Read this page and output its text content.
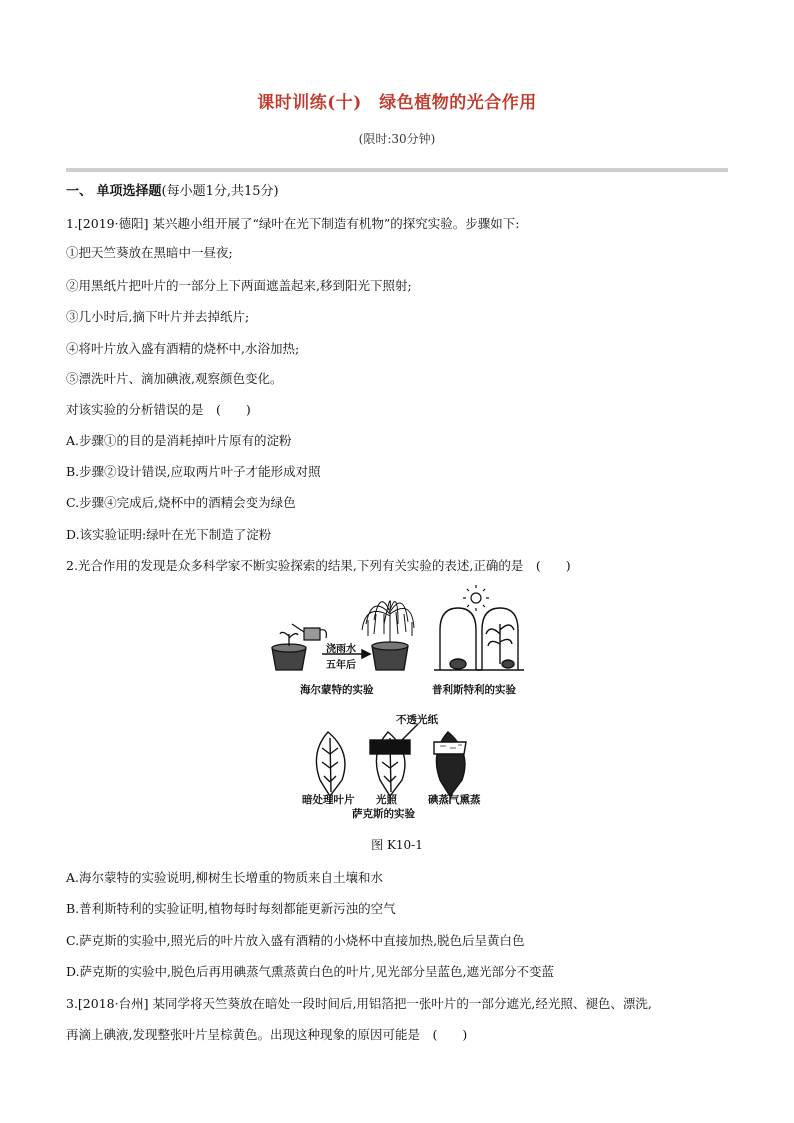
课时训练(十)　绿色植物的光合作用
(限时:30分钟)
一、 单项选择题(每小题1分,共15分)
1.[2019·德阳] 某兴趣小组开展了“绿叶在光下制造有机物”的探究实验。步骤如下:
①把天竺葵放在黑暗中一昼夜;
②用黑纸片把叶片的一部分上下两面遮盖起来,移到阳光下照射;
③几小时后,摘下叶片并去掉纸片;
④将叶片放入盛有酒精的烧杯中,水浴加热;
⑤漂洗叶片、滴加碘液,观察颜色变化。
对该实验的分析错误的是　(　　)
A.步骤①的目的是消耗掉叶片原有的淀粉
B.步骤②设计错误,应取两片叶子才能形成对照
C.步骤④完成后,烧杯中的酒精会变为绿色
D.该实验证明:绿叶在光下制造了淀粉
2.光合作用的发现是众多科学家不断实验探索的结果,下列有关实验的表述,正确的是　(　　)
浇雨水
五年后
海尔蒙特的实验	普利斯特利的实验
不透光纸
暗处理叶片 光照	碘蒸气熏蒸
萨克斯的实验
图 K10-1
A.海尔蒙特的实验说明,柳树生长增重的物质来自土壤和水
B.普利斯特利的实验证明,植物每时每刻都能更新污浊的空气
C.萨克斯的实验中,照光后的叶片放入盛有酒精的小烧杯中直接加热,脱色后呈黄白色
D.萨克斯的实验中,脱色后再用碘蒸气熏蒸黄白色的叶片,见光部分呈蓝色,遮光部分不变蓝
3.[2018·台州] 某同学将天竺葵放在暗处一段时间后,用铝箔把一张叶片的一部分遮光,经光照、褪色、漂洗,
再滴上碘液,发现整张叶片呈棕黄色。出现这种现象的原因可能是　(　　)
